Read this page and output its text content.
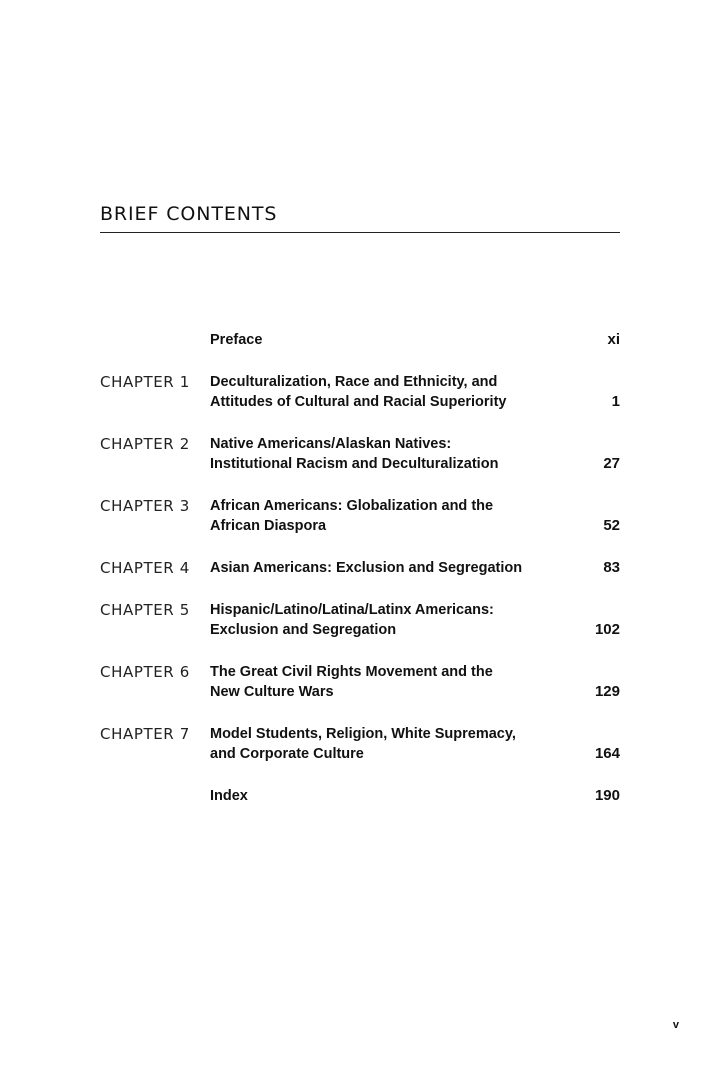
BRIEF CONTENTS
Preface	xi
CHAPTER 1	Deculturalization, Race and Ethnicity, and
Attitudes of Cultural and Racial Superiority	1
CHAPTER 2	Native Americans/Alaskan Natives:
Institutional Racism and Deculturalization	27
CHAPTER 3	African Americans: Globalization and the
African Diaspora	52
CHAPTER 4	Asian Americans: Exclusion and Segregation	83
CHAPTER 5	Hispanic/Latino/Latina/Latinx Americans:
Exclusion and Segregation	102
CHAPTER 6	The Great Civil Rights Movement and the
New Culture Wars	129
CHAPTER 7	Model Students, Religion, White Supremacy,
and Corporate Culture	164
Index	190
v
